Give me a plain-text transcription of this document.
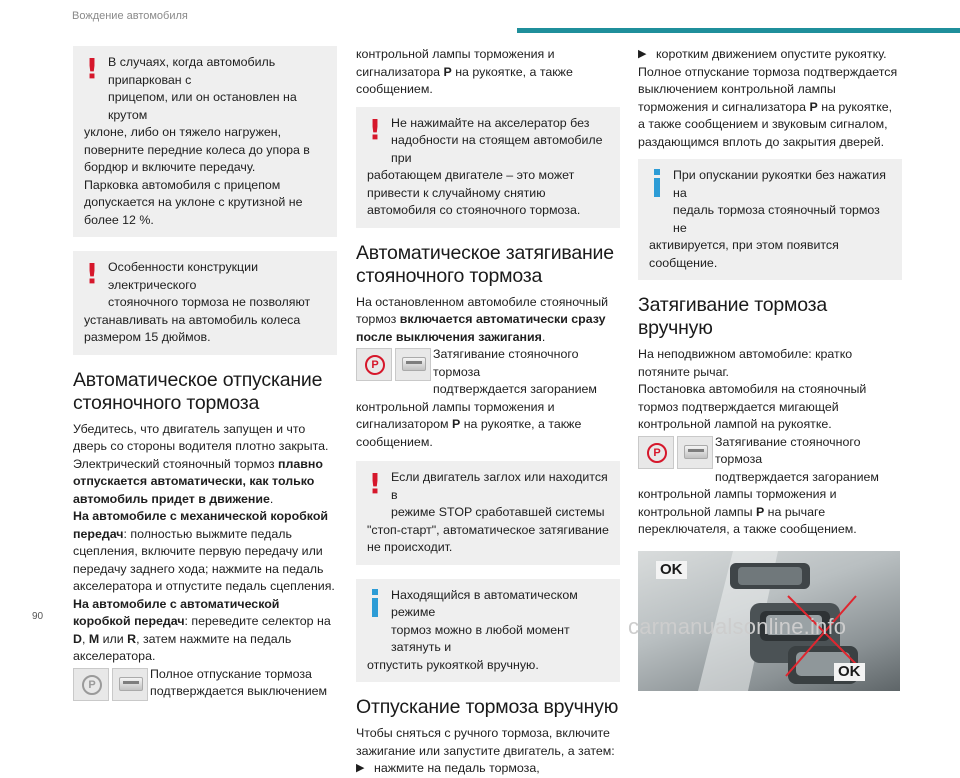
Вождение автомобиля
! В случаях, когда автомобиль припаркован с
прицепом, или он остановлен на крутом
уклоне, либо он тяжело нагружен, поверните передние колеса до упора в бордюр и включите передачу.
Парковка автомобиля с прицепом допускается на уклоне с крутизной не более 12 %.
! Особенности конструкции электрического
стояночного тормоза не позволяют
устанавливать на автомобиль колеса размером 15 дюймов.
Автоматическое отпускание стояночного тормоза

Убедитесь, что двигатель запущен и что дверь со стороны водителя плотно закрыта.

Электрический стояночный тормоз плавно отпускается автоматически, как только автомобиль придет в движение.

На автомобиле с механической коробкой передач: полностью выжмите педаль сцепления, включите первую передачу или передачу заднего хода; нажмите на педаль акселератора и отпустите педаль сцепления.

На автомобиле с автоматической коробкой передач: переведите селектор на D, M или R, затем нажмите на педаль акселератора.

P

Полное отпускание тормоза

подтверждается выключением

контрольной лампы торможения и сигнализатора P на рукоятке, а также сообщением.

! Не нажимайте на акселератор без
надобности на стоящем автомобиле при
работающем двигателе – это может привести к случайному снятию автомобиля со стояночного тормоза.
Автоматическое затягивание стояночного тормоза

На остановленном автомобиле стояночный тормоз включается автоматически сразу после выключения зажигания.

P

Затягивание стояночного тормоза

подтверждается загоранием

контрольной лампы торможения и сигнализатором P на рукоятке, а также сообщением.

! Если двигатель заглох или находится в
режиме STOP сработавшей системы
"стоп-старт", автоматическое затягивание не происходит.
Находящийся в автоматическом режиме
тормоз можно в любой момент затянуть и
отпустить рукояткой вручную.
Отпускание тормоза вручную

Чтобы сняться с ручного тормоза, включите зажигание или запустите двигатель, а затем:

▶ нажмите на педаль тормоза,

▶ коротким движением опустите рукоятку.

Полное отпускание тормоза подтверждается выключением контрольной лампы торможения и сигнализатора P на рукоятке, а также сообщением и звуковым сигналом, раздающимся вплоть до закрытия дверей.

При опускании рукоятки без нажатия на
педаль тормоза стояночный тормоз не
активируется, при этом появится сообщение.
Затягивание тормоза вручную

На неподвижном автомобиле: кратко потяните рычаг.

Постановка автомобиля на стояночный тормоз подтверждается мигающей контрольной лампой на рукоятке.

P

Затягивание стояночного тормоза

подтверждается загоранием

контрольной лампы торможения и контрольной лампы P на рычаге переключателя, а также сообщением.

OK
OK
90	carmanualsonline.info
